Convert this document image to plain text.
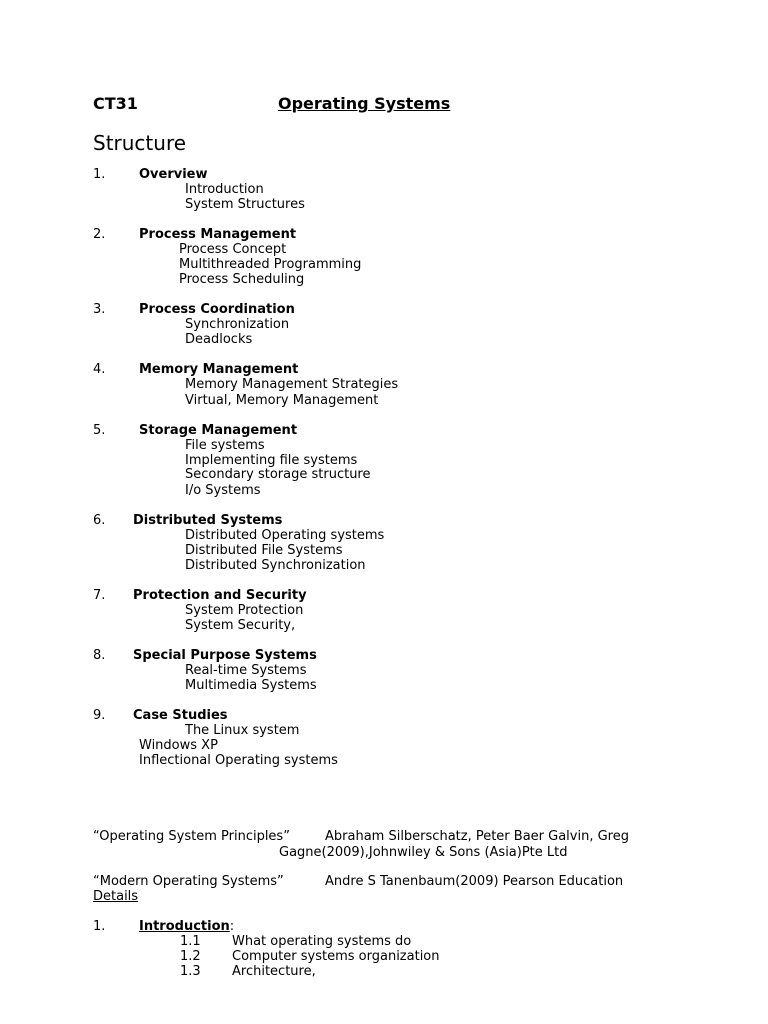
CT31	Operating Systems
Structure
1.	Overview
Introduction
System Structures
2.	Process Management
Process Concept
Multithreaded Programming
Process Scheduling
3.	Process Coordination
Synchronization
Deadlocks
4.	Memory Management
Memory Management Strategies
Virtual, Memory Management
5.	Storage Management
File systems
Implementing file systems
Secondary storage structure
I/o Systems
6. Distributed Systems
Distributed Operating systems
Distributed File Systems
Distributed Synchronization
7. Protection and Security
System Protection
System Security,
8. Special Purpose Systems
Real-time Systems
Multimedia Systems
9. Case Studies
The Linux system
Windows XP
Inflectional Operating systems
“Operating System Principles”	Abraham Silberschatz, Peter Baer Galvin, Greg
Gagne(2009),Johnwiley & Sons (Asia)Pte Ltd
“Modern Operating Systems”	Andre S Tanenbaum(2009) Pearson Education
Details
1.	Introduction:
1.1 What operating systems do
1.2 Computer systems organization
1.3 Architecture,
